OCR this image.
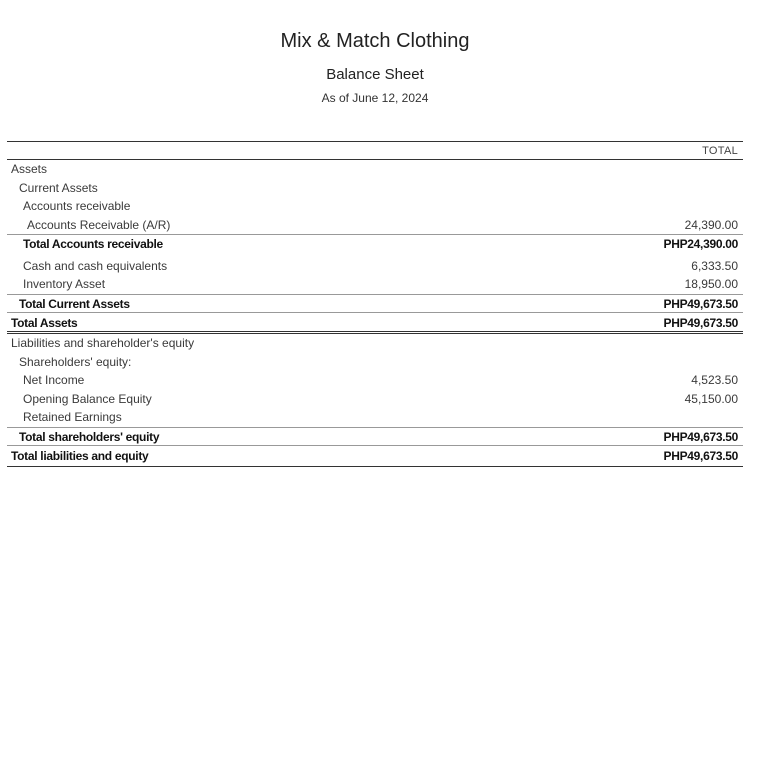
Mix & Match Clothing
Balance Sheet
As of June 12, 2024
TOTAL
Assets
Current Assets
Accounts receivable
Accounts Receivable (A/R)	24,390.00
Total Accounts receivable	PHP24,390.00
Cash and cash equivalents	6,333.50
Inventory Asset	18,950.00
Total Current Assets	PHP49,673.50
Total Assets	PHP49,673.50
Liabilities and shareholder's equity
Shareholders' equity:
Net Income	4,523.50
Opening Balance Equity	45,150.00
Retained Earnings
Total shareholders' equity	PHP49,673.50
Total liabilities and equity	PHP49,673.50
